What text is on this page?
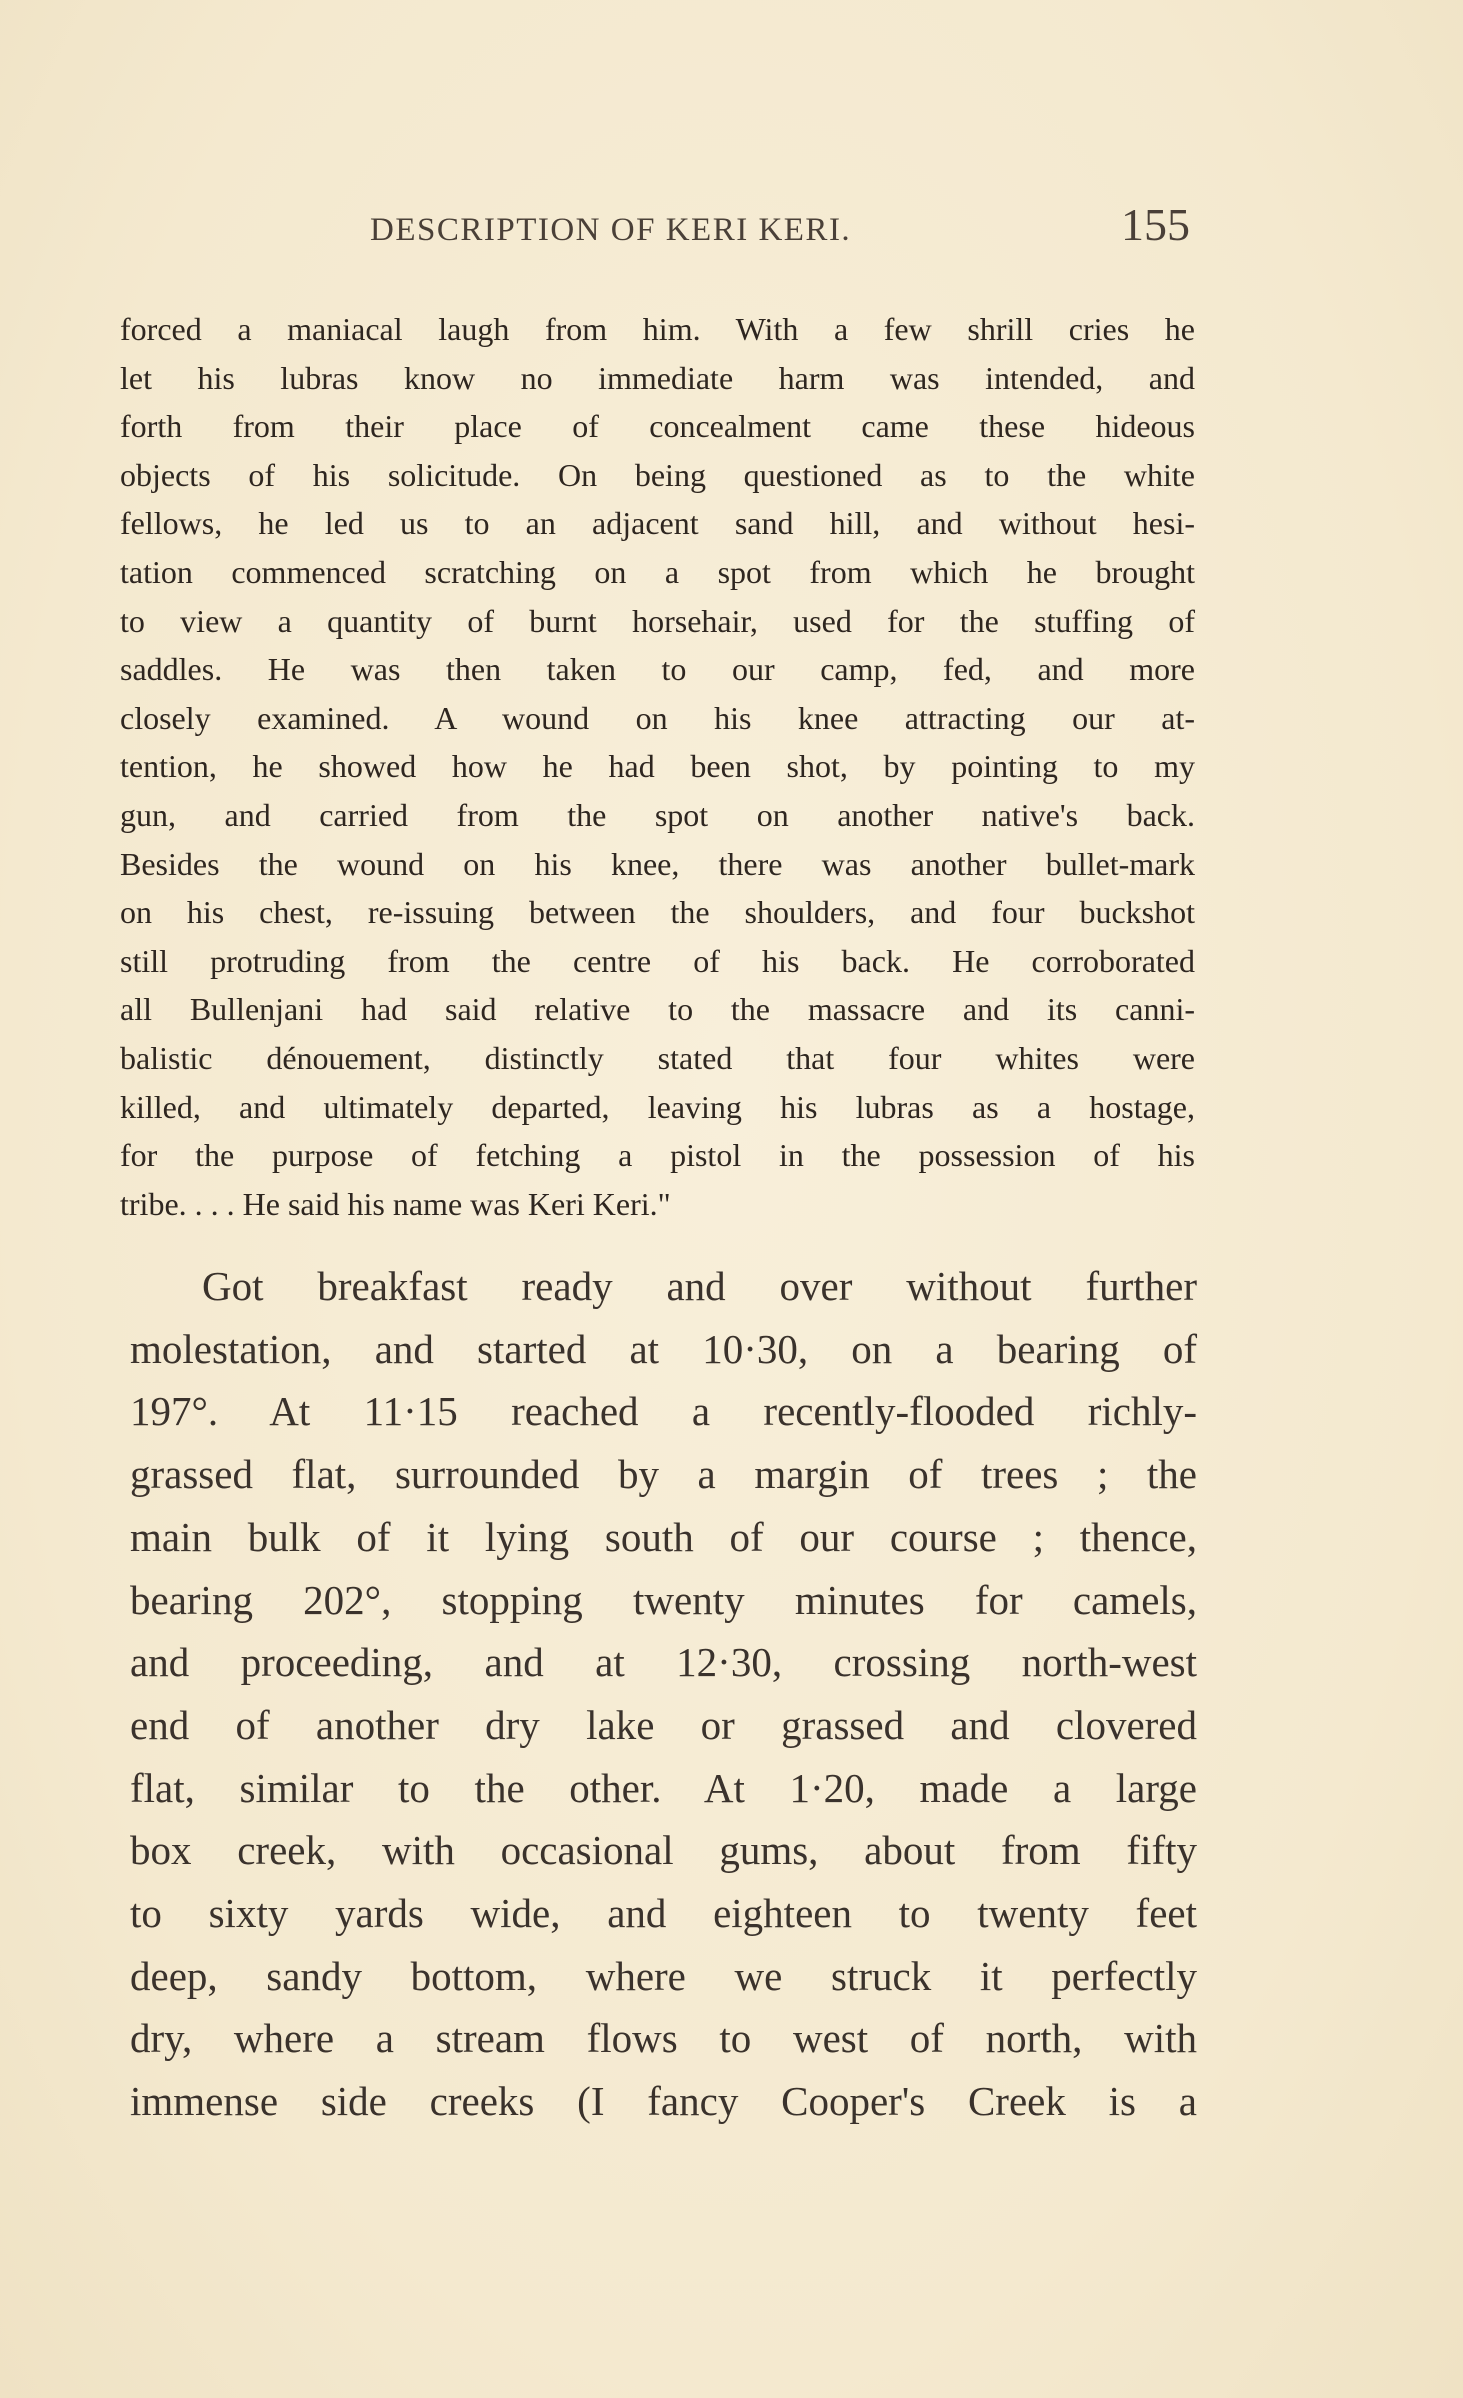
DESCRIPTION OF KERI KERI.	155
forced a maniacal laugh from him. With a few shrill cries he
let his lubras know no immediate harm was intended, and
forth from their place of concealment came these hideous
objects of his solicitude. On being questioned as to the white
fellows, he led us to an adjacent sand hill, and without hesi-
tation commenced scratching on a spot from which he brought
to view a quantity of burnt horsehair, used for the stuffing of
saddles. He was then taken to our camp, fed, and more
closely examined. A wound on his knee attracting our at-
tention, he showed how he had been shot, by pointing to my
gun, and carried from the spot on another native's back.
Besides the wound on his knee, there was another bullet-mark
on his chest, re-issuing between the shoulders, and four buckshot
still protruding from the centre of his back. He corroborated
all Bullenjani had said relative to the massacre and its canni-
balistic dénouement, distinctly stated that four whites were
killed, and ultimately departed, leaving his lubras as a hostage,
for the purpose of fetching a pistol in the possession of his
tribe. . . . He said his name was Keri Keri."
Got breakfast ready and over without further
molestation, and started at 10·30, on a bearing of
197°. At 11·15 reached a recently-flooded richly-
grassed flat, surrounded by a margin of trees ; the
main bulk of it lying south of our course ; thence,
bearing 202°, stopping twenty minutes for camels,
and proceeding, and at 12·30, crossing north-west
end of another dry lake or grassed and clovered
flat, similar to the other. At 1·20, made a large
box creek, with occasional gums, about from fifty
to sixty yards wide, and eighteen to twenty feet
deep, sandy bottom, where we struck it perfectly
dry, where a stream flows to west of north, with
immense side creeks (I fancy Cooper's Creek is a
